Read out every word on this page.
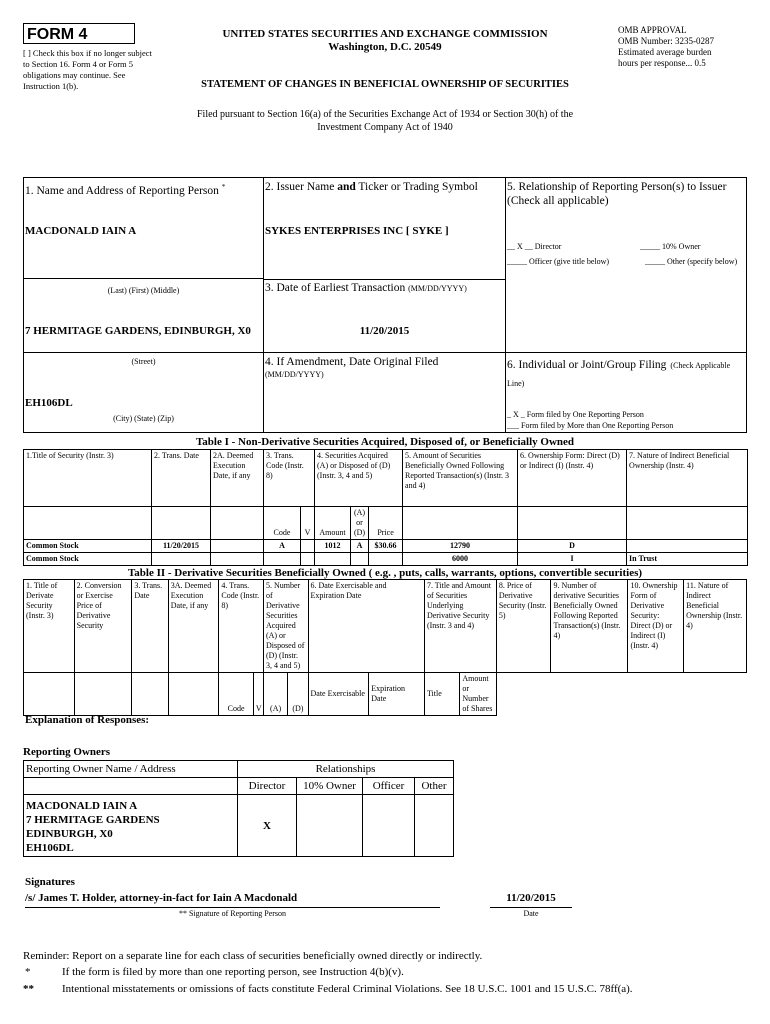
FORM 4
[ ] Check this box if no longer subject to Section 16. Form 4 or Form 5 obligations may continue. See Instruction 1(b).
UNITED STATES SECURITIES AND EXCHANGE COMMISSION
Washington, D.C. 20549
OMB APPROVAL
OMB Number: 3235-0287
Estimated average burden
hours per response... 0.5
STATEMENT OF CHANGES IN BENEFICIAL OWNERSHIP OF SECURITIES
Filed pursuant to Section 16(a) of the Securities Exchange Act of 1934 or Section 30(h) of the
Investment Company Act of 1940
1. Name and Address of Reporting Person *
MACDONALD IAIN A
(Last) (First) (Middle)
7 HERMITAGE GARDENS, EDINBURGH, X0
(Street)
EH106DL
(City) (State) (Zip)
2. Issuer Name and Ticker or Trading Symbol
SYKES ENTERPRISES INC [ SYKE ]
3. Date of Earliest Transaction (MM/DD/YYYY)
11/20/2015
4. If Amendment, Date Original Filed
(MM/DD/YYYY)
5. Relationship of Reporting Person(s) to Issuer
(Check all applicable)
__ X __ Director	_____ 10% Owner
_____ Officer (give title below)	_____ Other (specify below)
6. Individual or Joint/Group Filing (Check Applicable Line)
_ X _ Form filed by One Reporting Person
___ Form filed by More than One Reporting Person
Table I - Non-Derivative Securities Acquired, Disposed of, or Beneficially Owned
1.Title of Security (Instr. 3)	2. Trans. Date	2A. Deemed Execution Date, if any	3. Trans. Code (Instr. 8)		4. Securities Acquired (A) or Disposed of (D) (Instr. 3, 4 and 5)			5. Amount of Securities Beneficially Owned Following Reported Transaction(s) (Instr. 3 and 4)	6. Ownership Form: Direct (D) or Indirect (I) (Instr. 4)	7. Nature of Indirect Beneficial Ownership (Instr. 4)
			Code	V	Amount	(A) or (D)	Price			
Common Stock	11/20/2015		A		1012	A	$30.66	12790	D	
Common Stock								6000	I	In Trust
Table II - Derivative Securities Beneficially Owned ( e.g. , puts, calls, warrants, options, convertible securities)
1. Title of Derivate Security (Instr. 3)	2. Conversion or Exercise Price of Derivative Security	3. Trans. Date	3A. Deemed Execution Date, if any	4. Trans. Code (Instr. 8)		5. Number of Derivative Securities Acquired (A) or Disposed of (D) (Instr. 3, 4 and 5)		6. Date Exercisable and Expiration Date		7. Title and Amount of Securities Underlying Derivative Security (Instr. 3 and 4)		8. Price of Derivative Security (Instr. 5)	9. Number of derivative Securities Beneficially Owned Following Reported Transaction(s) (Instr. 4)	10. Ownership Form of Derivative Security: Direct (D) or Indirect (I) (Instr. 4)	11. Nature of Indirect Beneficial Ownership (Instr. 4)
				Code	V	(A)	(D)	Date Exercisable	Expiration Date	Title	Amount or Number of Shares				
Explanation of Responses:
Reporting Owners
Reporting Owner Name / Address	Relationships			
	Director	10% Owner	Officer	Other

MACDONALD IAIN A
7 HERMITAGE GARDENS
EDINBURGH, X0
EH106DL	X			
Signatures
/s/ James T. Holder, attorney-in-fact for Iain A Macdonald
** Signature of Reporting Person
11/20/2015
Date
Reminder: Report on a separate line for each class of securities beneficially owned directly or indirectly.
*	If the form is filed by more than one reporting person, see Instruction 4(b)(v).
**	Intentional misstatements or omissions of facts constitute Federal Criminal Violations. See 18 U.S.C. 1001 and 15 U.S.C. 78ff(a).
